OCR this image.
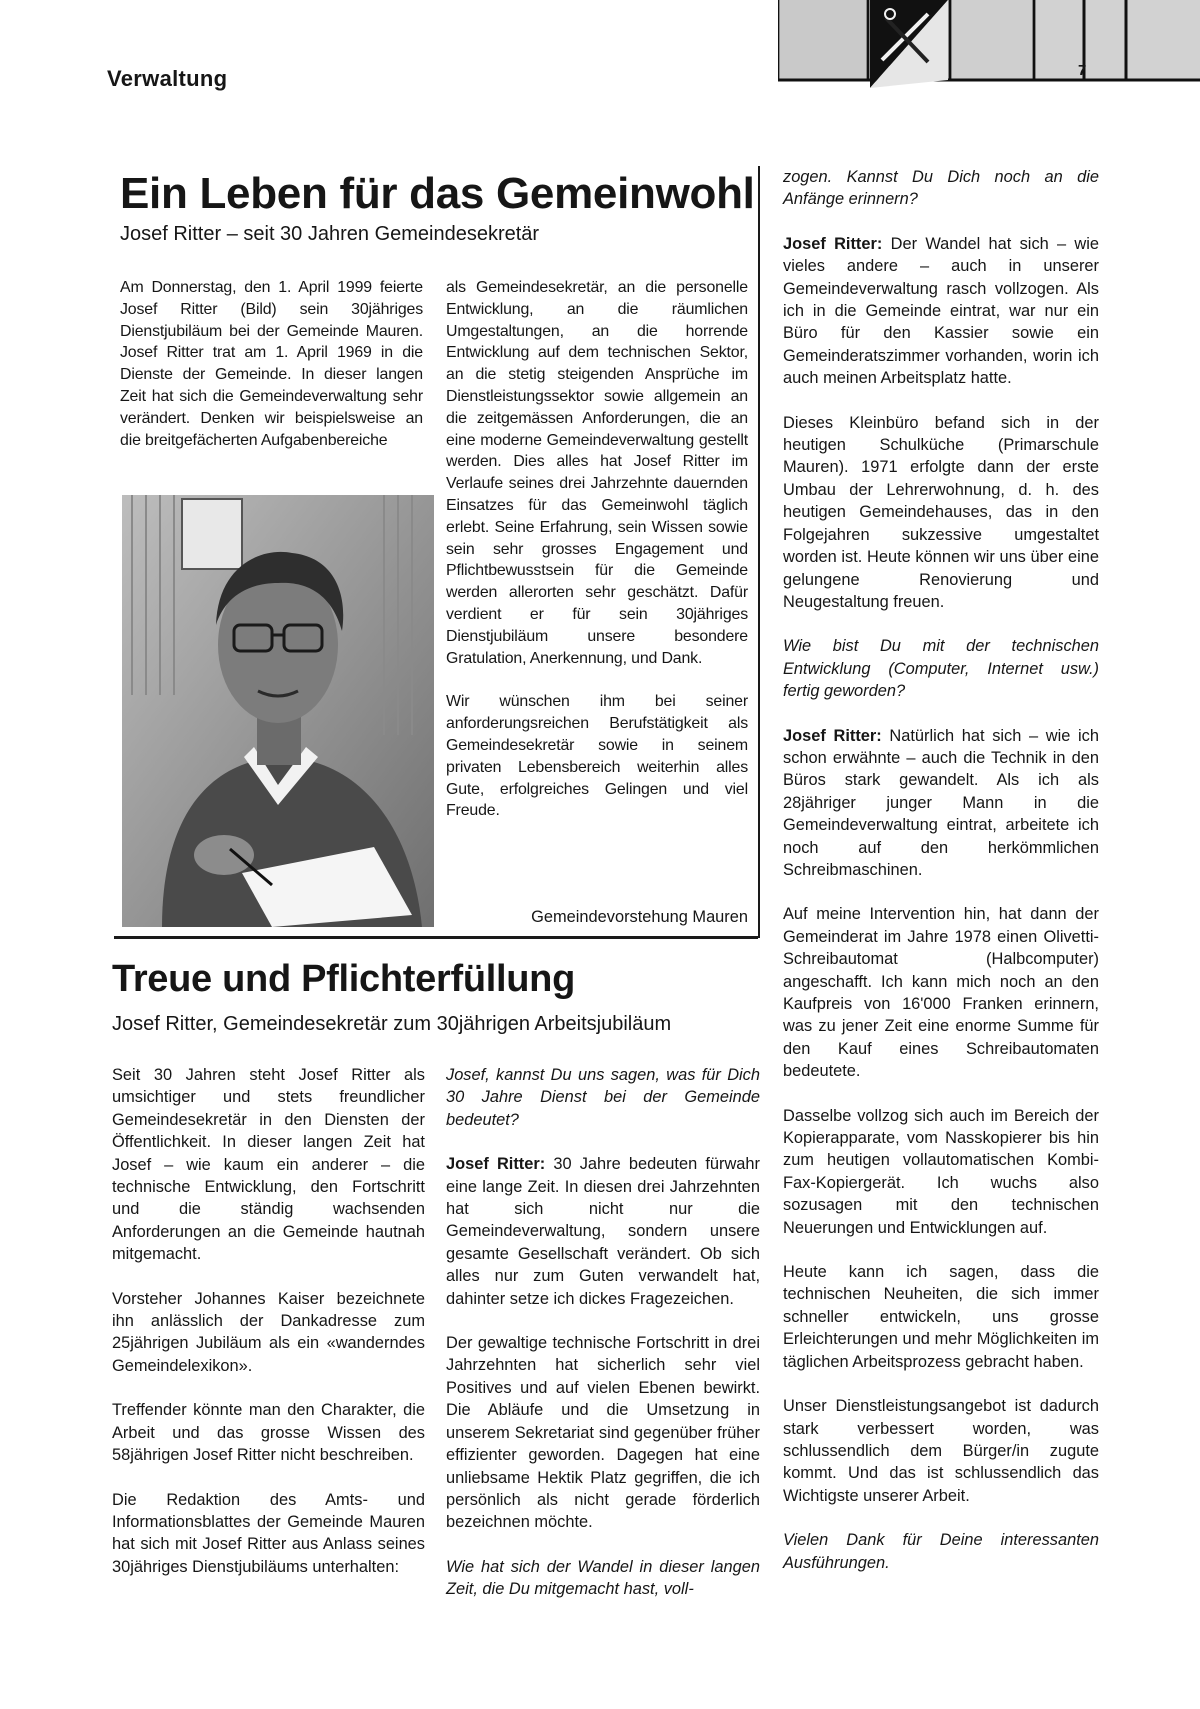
Verwaltung	7
Ein Leben für das Gemeinwohl
Josef Ritter – seit 30 Jahren Gemeindesekretär

Am Donnerstag, den 1. April 1999 feierte Josef Ritter (Bild) sein 30jähriges Dienstjubiläum bei der Gemeinde Mauren. Josef Ritter trat am 1. April 1969 in die Dienste der Gemeinde. In dieser langen Zeit hat sich die Gemeindeverwaltung sehr verändert. Denken wir beispielsweise an die breitgefächerten Aufgabenbereiche

als Gemeindesekretär, an die personelle Entwicklung, an die räumlichen Umgestaltungen, an die horrende Entwicklung auf dem technischen Sektor, an die stetig steigenden Ansprüche im Dienstleistungssektor sowie allgemein an die zeitgemässen Anforderungen, die an eine moderne Gemeindeverwaltung gestellt werden. Dies alles hat Josef Ritter im Verlaufe seines drei Jahrzehnte dauernden Einsatzes für das Gemeinwohl täglich erlebt. Seine Erfahrung, sein Wissen sowie sein sehr grosses Engagement und Pflichtbewusstsein für die Gemeinde werden allerorten sehr geschätzt. Dafür verdient er für sein 30jähriges Dienstjubiläum unsere besondere Gratulation, Anerkennung, und Dank.

Wir wünschen ihm bei seiner anforderungsreichen Berufstätigkeit als Gemeindesekretär sowie in seinem privaten Lebensbereich weiterhin alles Gute, erfolgreiches Gelingen und viel Freude.

Gemeindevorstehung Mauren
Treue und Pflichterfüllung
Josef Ritter, Gemeindesekretär zum 30jährigen Arbeitsjubiläum

Seit 30 Jahren steht Josef Ritter als umsichtiger und stets freundlicher Gemeindesekretär in den Diensten der Öffentlichkeit. In dieser langen Zeit hat Josef – wie kaum ein anderer – die technische Entwicklung, den Fortschritt und die ständig wachsenden Anforderungen an die Gemeinde hautnah mitgemacht.

Vorsteher Johannes Kaiser bezeichnete ihn anlässlich der Dankadresse zum 25jährigen Jubiläum als ein «wanderndes Gemeindelexikon».

Treffender könnte man den Charakter, die Arbeit und das grosse Wissen des 58jährigen Josef Ritter nicht beschreiben.

Die Redaktion des Amts- und Informationsblattes der Gemeinde Mauren hat sich mit Josef Ritter aus Anlass seines 30jähriges Dienstjubiläums unterhalten:

Josef, kannst Du uns sagen, was für Dich 30 Jahre Dienst bei der Gemeinde bedeutet?

Josef Ritter: 30 Jahre bedeuten fürwahr eine lange Zeit. In diesen drei Jahrzehnten hat sich nicht nur die Gemeindeverwaltung, sondern unsere gesamte Gesellschaft verändert. Ob sich alles nur zum Guten verwandelt hat, dahinter setze ich dickes Fragezeichen.

Der gewaltige technische Fortschritt in drei Jahrzehnten hat sicherlich sehr viel Positives und auf vielen Ebenen bewirkt. Die Abläufe und die Umsetzung in unserem Sekretariat sind gegenüber früher effizienter geworden. Dagegen hat eine unliebsame Hektik Platz gegriffen, die ich persönlich als nicht gerade förderlich bezeichnen möchte.

Wie hat sich der Wandel in dieser langen Zeit, die Du mitgemacht hast, voll-

zogen. Kannst Du Dich noch an die Anfänge erinnern?

Josef Ritter: Der Wandel hat sich – wie vieles andere – auch in unserer Gemeindeverwaltung rasch vollzogen. Als ich in die Gemeinde eintrat, war nur ein Büro für den Kassier sowie ein Gemeinderatszimmer vorhanden, worin ich auch meinen Arbeitsplatz hatte.

Dieses Kleinbüro befand sich in der heutigen Schulküche (Primarschule Mauren). 1971 erfolgte dann der erste Umbau der Lehrerwohnung, d. h. des heutigen Gemeindehauses, das in den Folgejahren sukzessive umgestaltet worden ist. Heute können wir uns über eine gelungene Renovierung und Neugestaltung freuen.

Wie bist Du mit der technischen Entwicklung (Computer, Internet usw.) fertig geworden?

Josef Ritter: Natürlich hat sich – wie ich schon erwähnte – auch die Technik in den Büros stark gewandelt. Als ich als 28jähriger junger Mann in die Gemeindeverwaltung eintrat, arbeitete ich noch auf den herkömmlichen Schreibmaschinen.

Auf meine Intervention hin, hat dann der Gemeinderat im Jahre 1978 einen Olivetti-Schreibautomat (Halbcomputer) angeschafft. Ich kann mich noch an den Kaufpreis von 16'000 Franken erinnern, was zu jener Zeit eine enorme Summe für den Kauf eines Schreibautomaten bedeutete.

Dasselbe vollzog sich auch im Bereich der Kopierapparate, vom Nasskopierer bis hin zum heutigen vollautomatischen Kombi-Fax-Kopiergerät. Ich wuchs also sozusagen mit den technischen Neuerungen und Entwicklungen auf.

Heute kann ich sagen, dass die technischen Neuheiten, die sich immer schneller entwickeln, uns grosse Erleichterungen und mehr Möglichkeiten im täglichen Arbeitsprozess gebracht haben.

Unser Dienstleistungsangebot ist dadurch stark verbessert worden, was schlussendlich dem Bürger/in zugute kommt. Und das ist schlussendlich das Wichtigste unserer Arbeit.

Vielen Dank für Deine interessanten Ausführungen.
